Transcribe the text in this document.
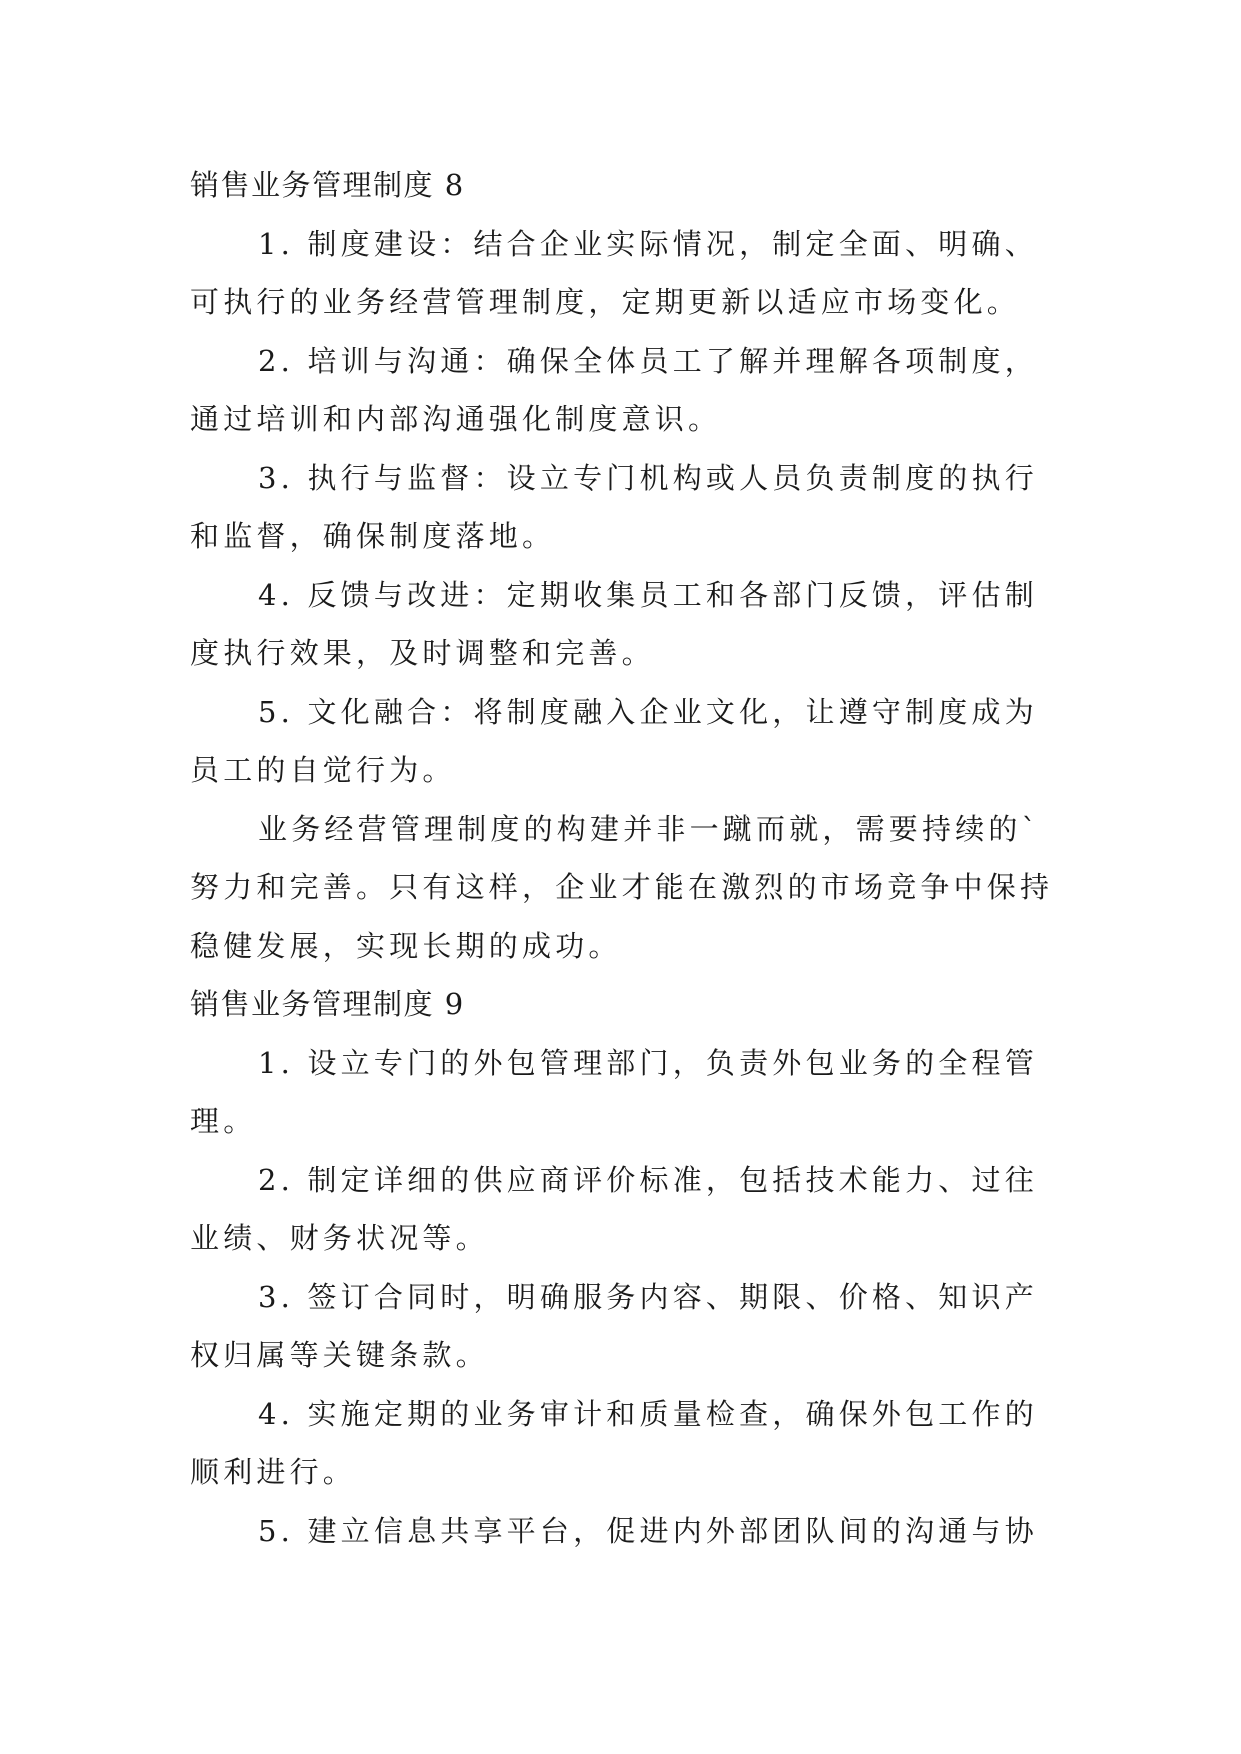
销售业务管理制度 8
1. 制度建设：结合企业实际情况，制定全面、明确、
可执行的业务经营管理制度，定期更新以适应市场变化。
2. 培训与沟通：确保全体员工了解并理解各项制度，
通过培训和内部沟通强化制度意识。
3. 执行与监督：设立专门机构或人员负责制度的执行
和监督，确保制度落地。
4. 反馈与改进：定期收集员工和各部门反馈，评估制
度执行效果，及时调整和完善。
5. 文化融合：将制度融入企业文化，让遵守制度成为
员工的自觉行为。
业务经营管理制度的构建并非一蹴而就，需要持续的`
努力和完善。只有这样，企业才能在激烈的市场竞争中保持
稳健发展，实现长期的成功。
销售业务管理制度 9
1. 设立专门的外包管理部门，负责外包业务的全程管
理。
2. 制定详细的供应商评价标准，包括技术能力、过往
业绩、财务状况等。
3. 签订合同时，明确服务内容、期限、价格、知识产
权归属等关键条款。
4. 实施定期的业务审计和质量检查，确保外包工作的
顺利进行。
5. 建立信息共享平台，促进内外部团队间的沟通与协
